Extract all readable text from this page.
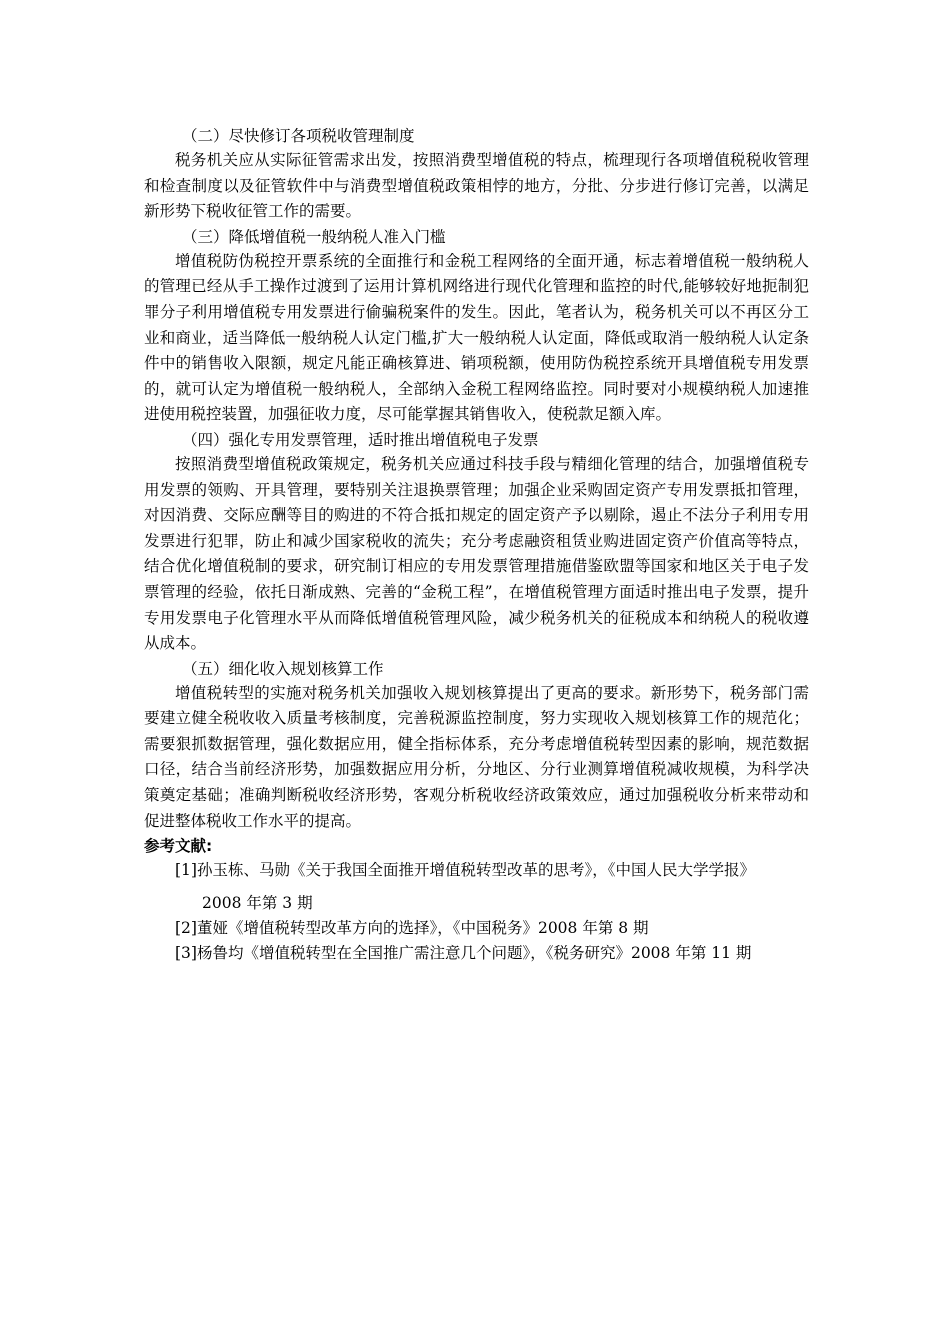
（二）尽快修订各项税收管理制度

税务机关应从实际征管需求出发，按照消费型增值税的特点，梳理现行各项增值税税收管理和检查制度以及征管软件中与消费型增值税政策相悖的地方，分批、分步进行修订完善，以满足新形势下税收征管工作的需要。

（三）降低增值税一般纳税人准入门槛

增值税防伪税控开票系统的全面推行和金税工程网络的全面开通，标志着增值税一般纳税人的管理已经从手工操作过渡到了运用计算机网络进行现代化管理和监控的时代,能够较好地扼制犯罪分子利用增值税专用发票进行偷骗税案件的发生。因此，笔者认为，税务机关可以不再区分工业和商业，适当降低一般纳税人认定门槛,扩大一般纳税人认定面，降低或取消一般纳税人认定条件中的销售收入限额，规定凡能正确核算进、销项税额，使用防伪税控系统开具增值税专用发票的，就可认定为增值税一般纳税人，全部纳入金税工程网络监控。同时要对小规模纳税人加速推进使用税控装置，加强征收力度，尽可能掌握其销售收入，使税款足额入库。

（四）强化专用发票管理，适时推出增值税电子发票

按照消费型增值税政策规定，税务机关应通过科技手段与精细化管理的结合，加强增值税专用发票的领购、开具管理，要特别关注退换票管理；加强企业采购固定资产专用发票抵扣管理，对因消费、交际应酬等目的购进的不符合抵扣规定的固定资产予以剔除，遏止不法分子利用专用发票进行犯罪，防止和减少国家税收的流失；充分考虑融资租赁业购进固定资产价值高等特点，结合优化增值税制的要求，研究制订相应的专用发票管理措施借鉴欧盟等国家和地区关于电子发票管理的经验，依托日渐成熟、完善的“金税工程”，在增值税管理方面适时推出电子发票，提升专用发票电子化管理水平从而降低增值税管理风险，减少税务机关的征税成本和纳税人的税收遵从成本。

（五）细化收入规划核算工作

增值税转型的实施对税务机关加强收入规划核算提出了更高的要求。新形势下，税务部门需要建立健全税收收入质量考核制度，完善税源监控制度，努力实现收入规划核算工作的规范化；需要狠抓数据管理，强化数据应用，健全指标体系，充分考虑增值税转型因素的影响，规范数据口径，结合当前经济形势，加强数据应用分析，分地区、分行业测算增值税减收规模，为科学决策奠定基础；准确判断税收经济形势，客观分析税收经济政策效应，通过加强税收分析来带动和促进整体税收工作水平的提高。

参考文献:

[1]孙玉栋、马勋《关于我国全面推开增值税转型改革的思考》，《中国人民大学学报》

2008 年第 3 期

[2]董娅《增值税转型改革方向的选择》，《中国税务》2008 年第 8 期

[3]杨鲁均《增值税转型在全国推广需注意几个问题》，《税务研究》2008 年第 11 期
